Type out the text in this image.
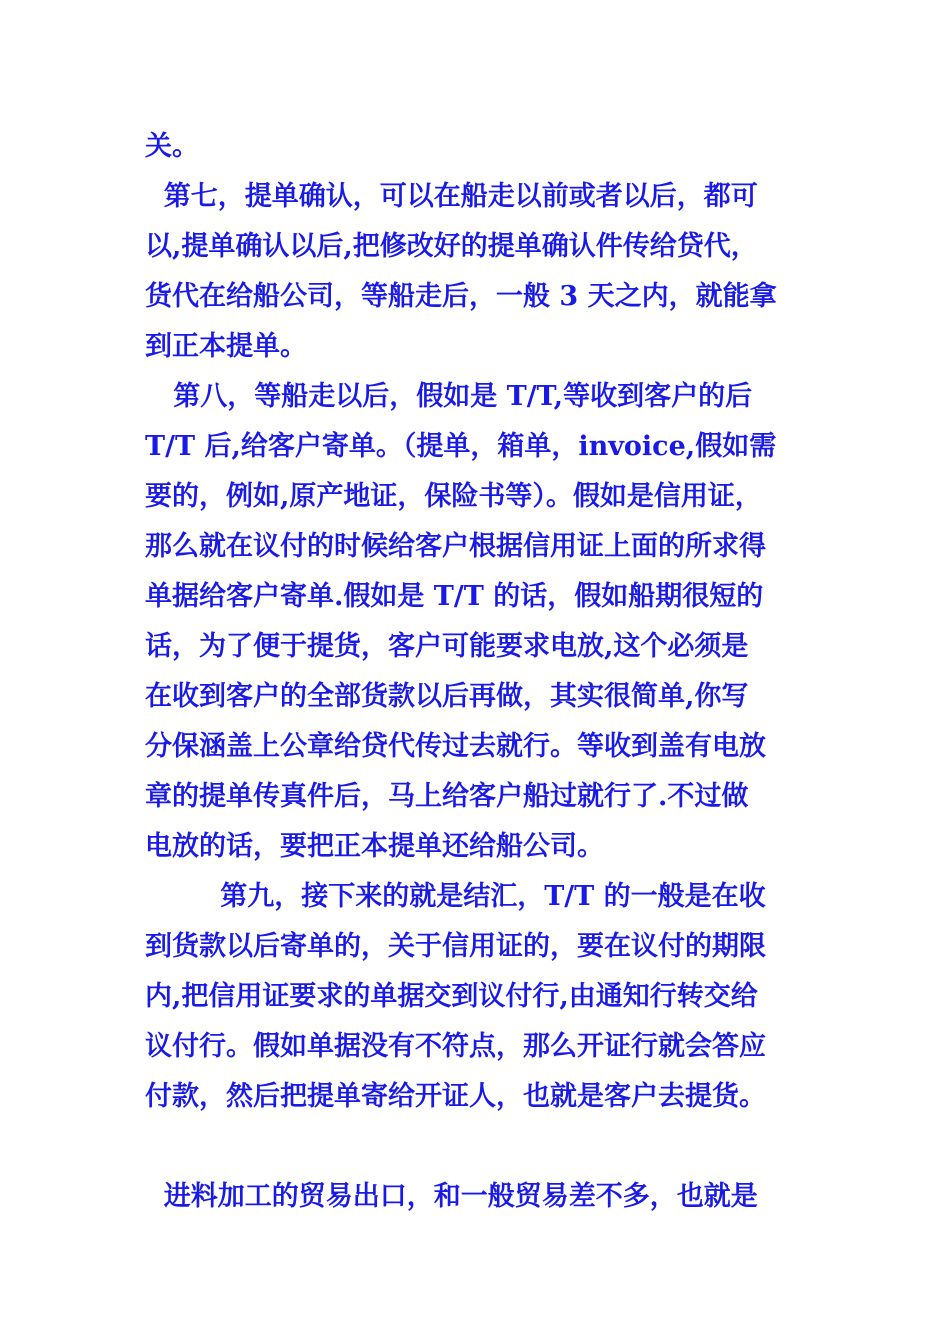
关。

第七，提单确认，可以在船走以前或者以后，都可

以,提单确认以后,把修改好的提单确认件传给贷代，

货代在给船公司，等船走后，一般 3 天之内，就能拿

到正本提单。

第八，等船走以后，假如是 T/T,等收到客户的后

T/T 后,给客户寄单。（提单，箱单，invoice,假如需

要的，例如,原产地证，保险书等）。假如是信用证，

那么就在议付的时候给客户根据信用证上面的所求得

单据给客户寄单.假如是 T/T 的话，假如船期很短的

话，为了便于提货，客户可能要求电放,这个必须是

在收到客户的全部货款以后再做，其实很简单,你写

分保涵盖上公章给贷代传过去就行。等收到盖有电放

章的提单传真件后，马上给客户船过就行了.不过做

电放的话，要把正本提单还给船公司。

第九，接下来的就是结汇，T/T 的一般是在收

到货款以后寄单的，关于信用证的，要在议付的期限

内,把信用证要求的单据交到议付行,由通知行转交给

议付行。假如单据没有不符点，那么开证行就会答应

付款，然后把提单寄给开证人，也就是客户去提货。

进料加工的贸易出口，和一般贸易差不多，也就是
